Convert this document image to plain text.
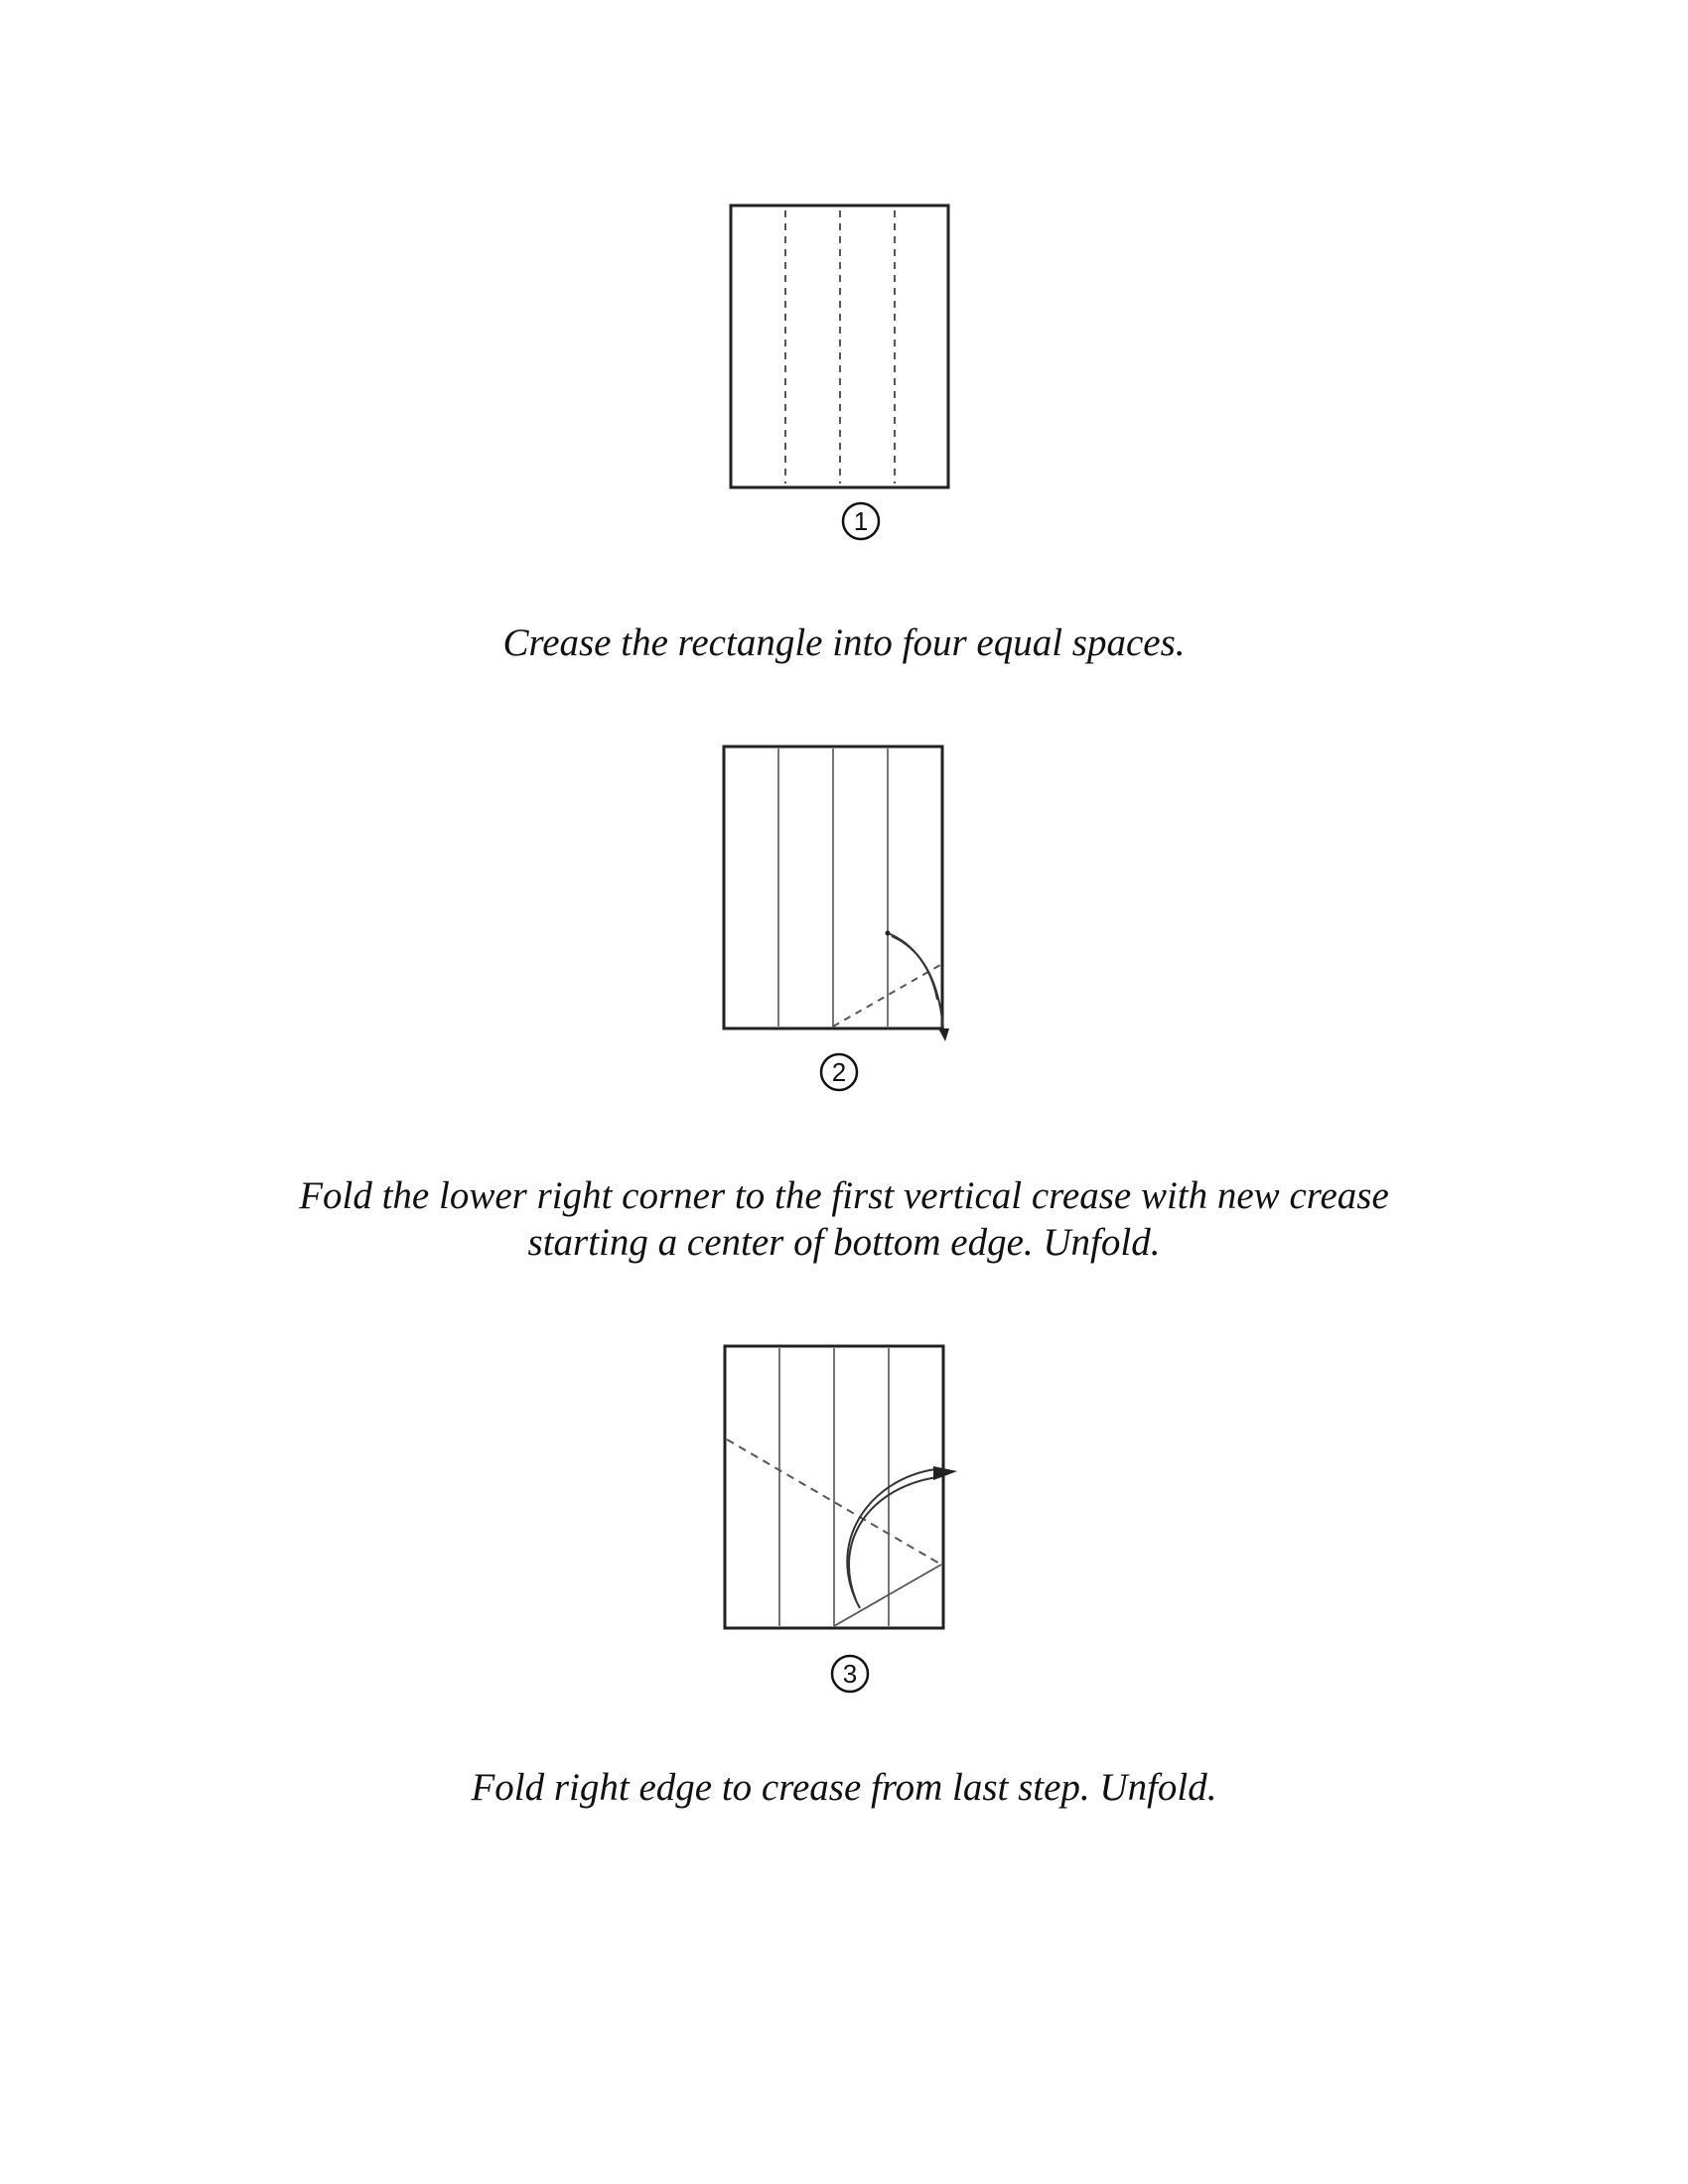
1

Crease the rectangle into four equal spaces.

2

Fold the lower right corner to the first vertical crease with new crease
starting a center of bottom edge. Unfold.

3

Fold right edge to crease from last step. Unfold.
